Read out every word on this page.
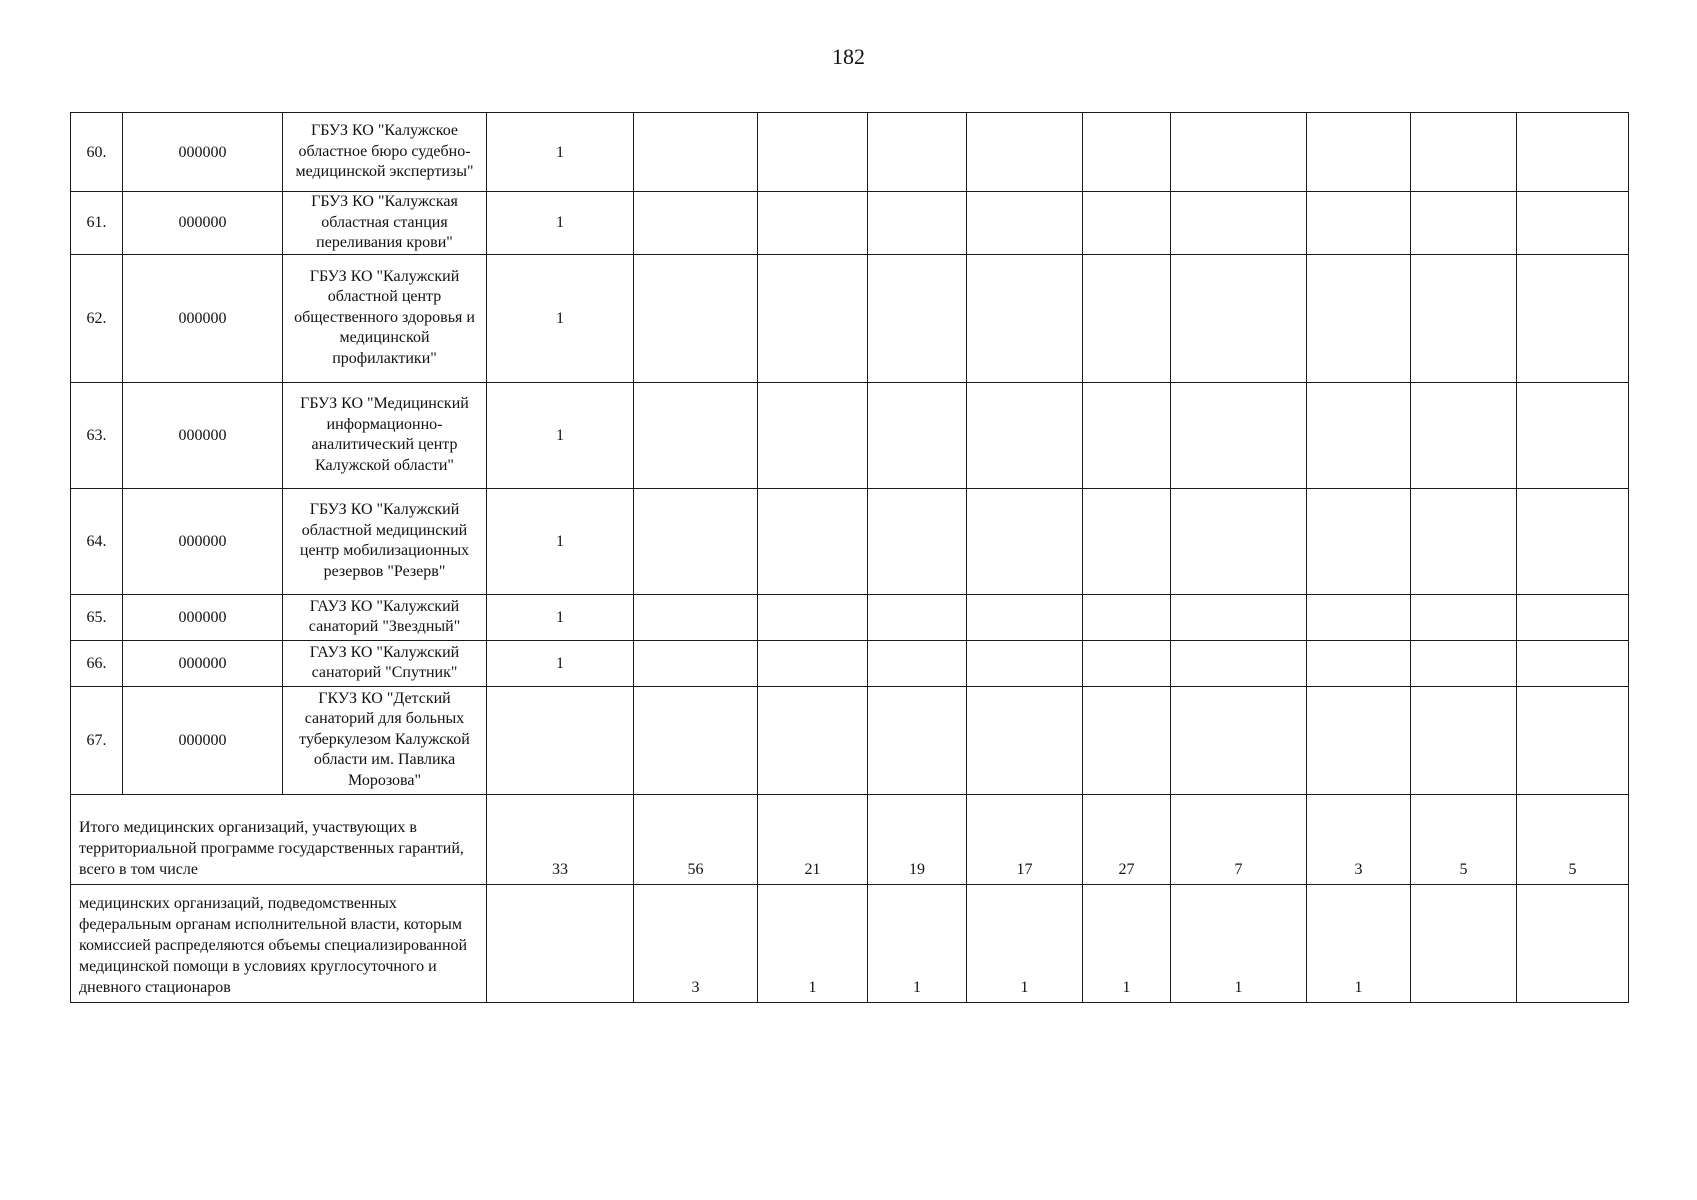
182
60.	000000	ГБУЗ КО "Калужское областное бюро судебно-медицинской экспертизы"	1									
61.	000000	ГБУЗ КО "Калужская областная станция переливания крови"	1									
62.	000000	ГБУЗ КО "Калужский областной центр общественного здоровья и медицинской профилактики"	1									
63.	000000	ГБУЗ КО "Медицинский информационно-аналитический центр Калужской области"	1									
64.	000000	ГБУЗ КО "Калужский областной медицинский центр мобилизационных резервов "Резерв"	1									
65.	000000	ГАУЗ КО "Калужский санаторий "Звездный"	1									
66.	000000	ГАУЗ КО "Калужский санаторий "Спутник"	1									
67.	000000	ГКУЗ КО "Детский санаторий для больных туберкулезом Калужской области им. Павлика Морозова"										
Итого медицинских организаций, участвующих в территориальной программе государственных гарантий, всего в том числе			33	56	21	19	17	27	7	3	5	5
медицинских организаций, подведомственных федеральным органам исполнительной власти, которым комиссией распределяются объемы специализированной медицинской помощи в условиях круглосуточного и дневного стационаров				3	1	1	1	1	1	1		
